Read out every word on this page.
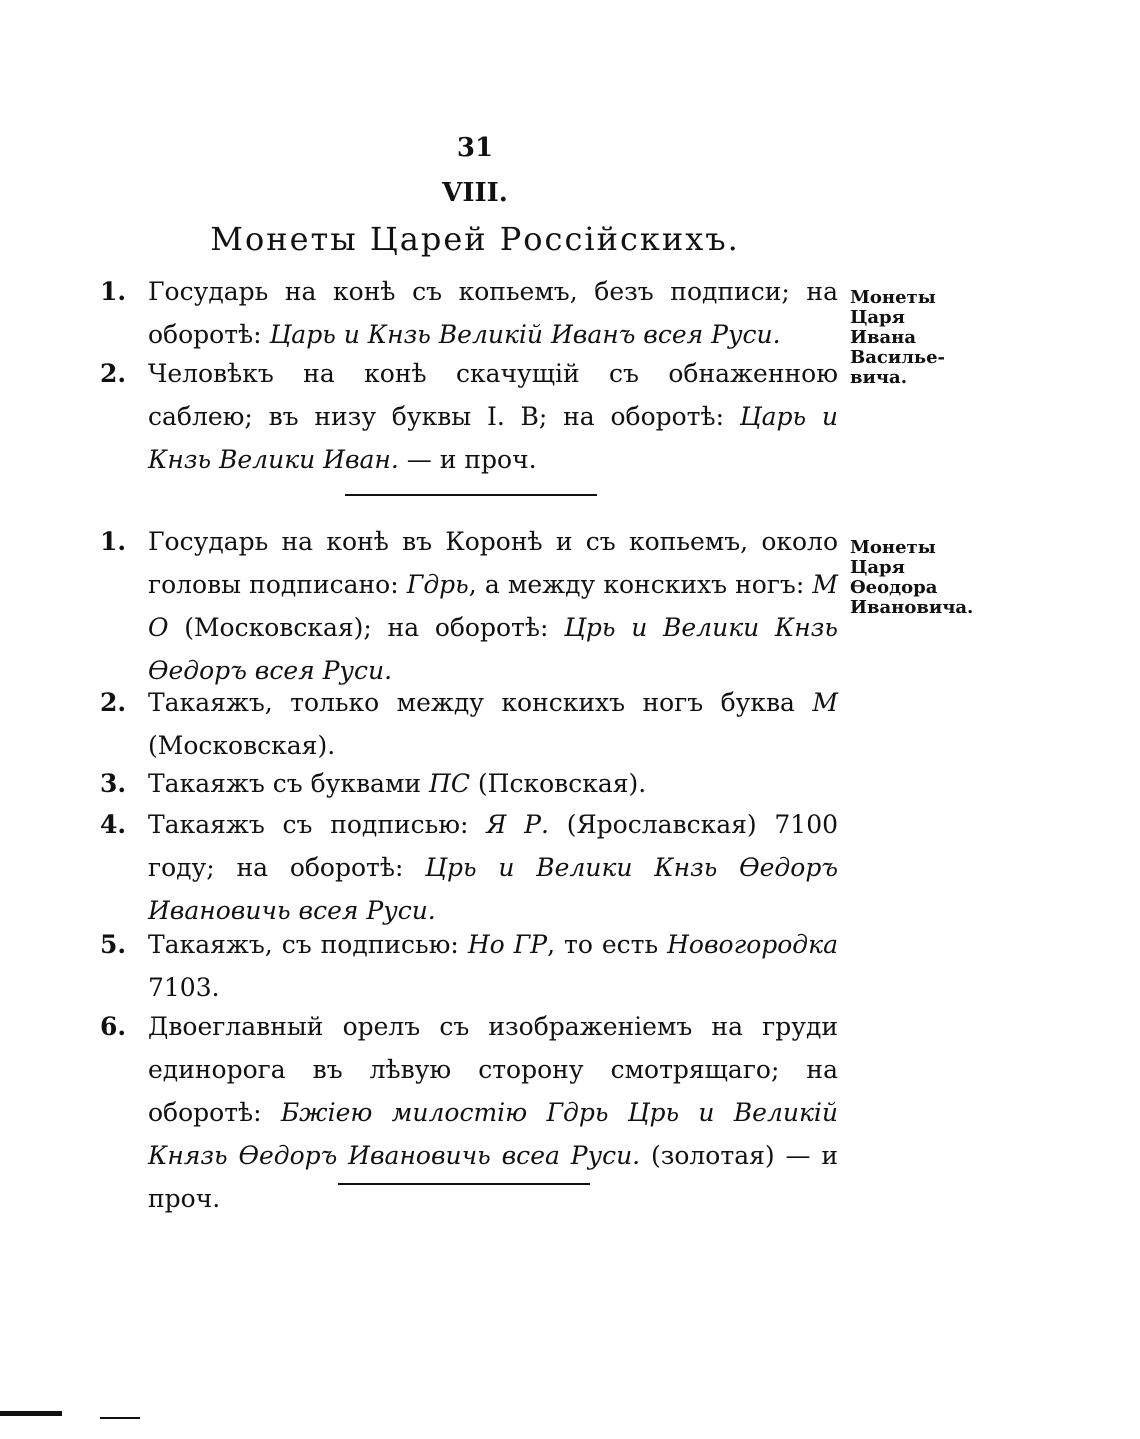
31
VIII.
Монеты Царей Россійскихъ.
Монеты Царя Ивана Василье-вича.
1. Государь на конѣ съ копьемъ, безъ подписи; на оборотѣ: Царь и Кнзь Великій Иванъ всея Руси.
2. Человѣкъ на конѣ скачущій съ обнаженною саблею; въ низу буквы І. В; на оборотѣ: Царь и Кнзь Велики Иван. — и проч.
Монеты Царя Ѳеодора Ивановича.
1. Государь на конѣ въ Коронѣ и съ копьемъ, около головы подписано: Гдрь, а между конскихъ ногъ: М О (Московская); на оборотѣ: Црь и Велики Кнзь Ѳедоръ всея Руси.
2. Такаяжъ, только между конскихъ ногъ буква М (Московская).
3. Такаяжъ съ буквами ПС (Псковская).
4. Такаяжъ съ подписью: Я Р. (Ярославская) 7100 году; на оборотѣ: Црь и Велики Кнзь Ѳедоръ Ивановичь всея Руси.
5. Такаяжъ, съ подписью: Но ГР, то есть Новогородка 7103.
6. Двоеглавный орелъ съ изображеніемъ на груди единорога въ лѣвую сторону смотрящаго; на оборотѣ: Бжіею милостію Гдрь Црь и Великій Князь Ѳедоръ Ивановичь всеа Руси. (золотая) — и проч.
